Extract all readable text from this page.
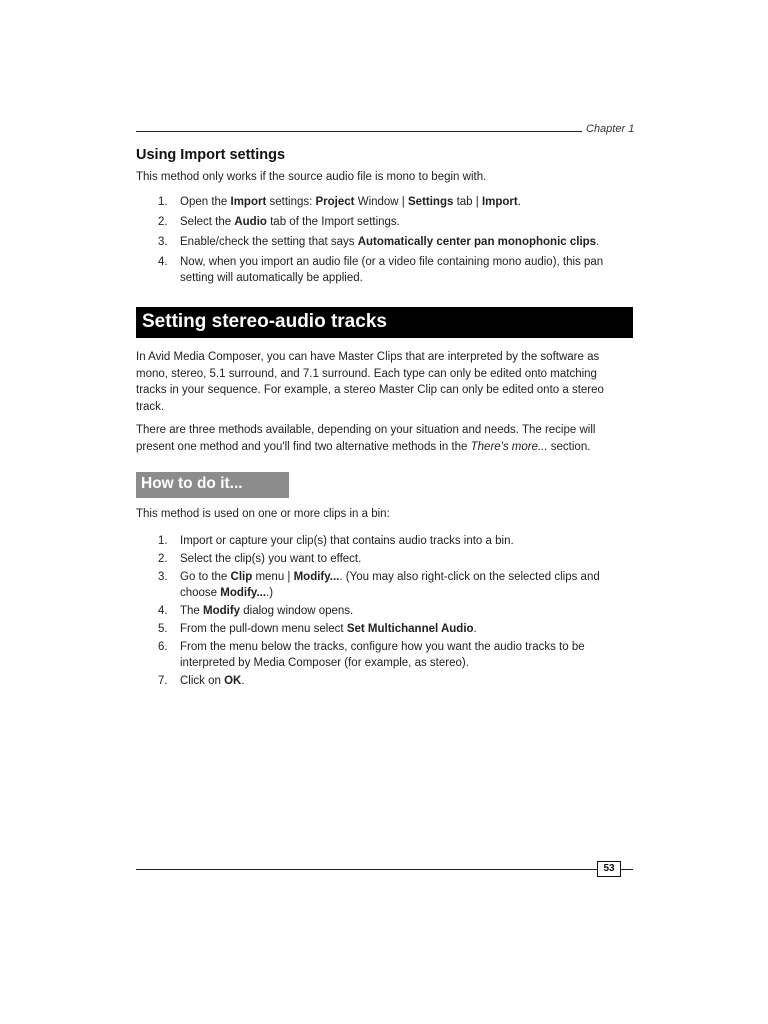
Chapter 1
Using Import settings

This method only works if the source audio file is mono to begin with.

1. Open the Import settings: Project Window | Settings tab | Import.
2. Select the Audio tab of the Import settings.
3. Enable/check the setting that says Automatically center pan monophonic clips.
4. Now, when you import an audio file (or a video file containing mono audio), this pan setting will automatically be applied.
Setting stereo-audio tracks

In Avid Media Composer, you can have Master Clips that are interpreted by the software as mono, stereo, 5.1 surround, and 7.1 surround. Each type can only be edited onto matching tracks in your sequence. For example, a stereo Master Clip can only be edited onto a stereo track.

There are three methods available, depending on your situation and needs. The recipe will present one method and you'll find two alternative methods in the There's more... section.

How to do it...

This method is used on one or more clips in a bin:

1. Import or capture your clip(s) that contains audio tracks into a bin.
2. Select the clip(s) you want to effect.
3. Go to the Clip menu | Modify.... (You may also right-click on the selected clips and choose Modify....)
4. The Modify dialog window opens.
5. From the pull-down menu select Set Multichannel Audio.
6. From the menu below the tracks, configure how you want the audio tracks to be interpreted by Media Composer (for example, as stereo).
7. Click on OK.
53
